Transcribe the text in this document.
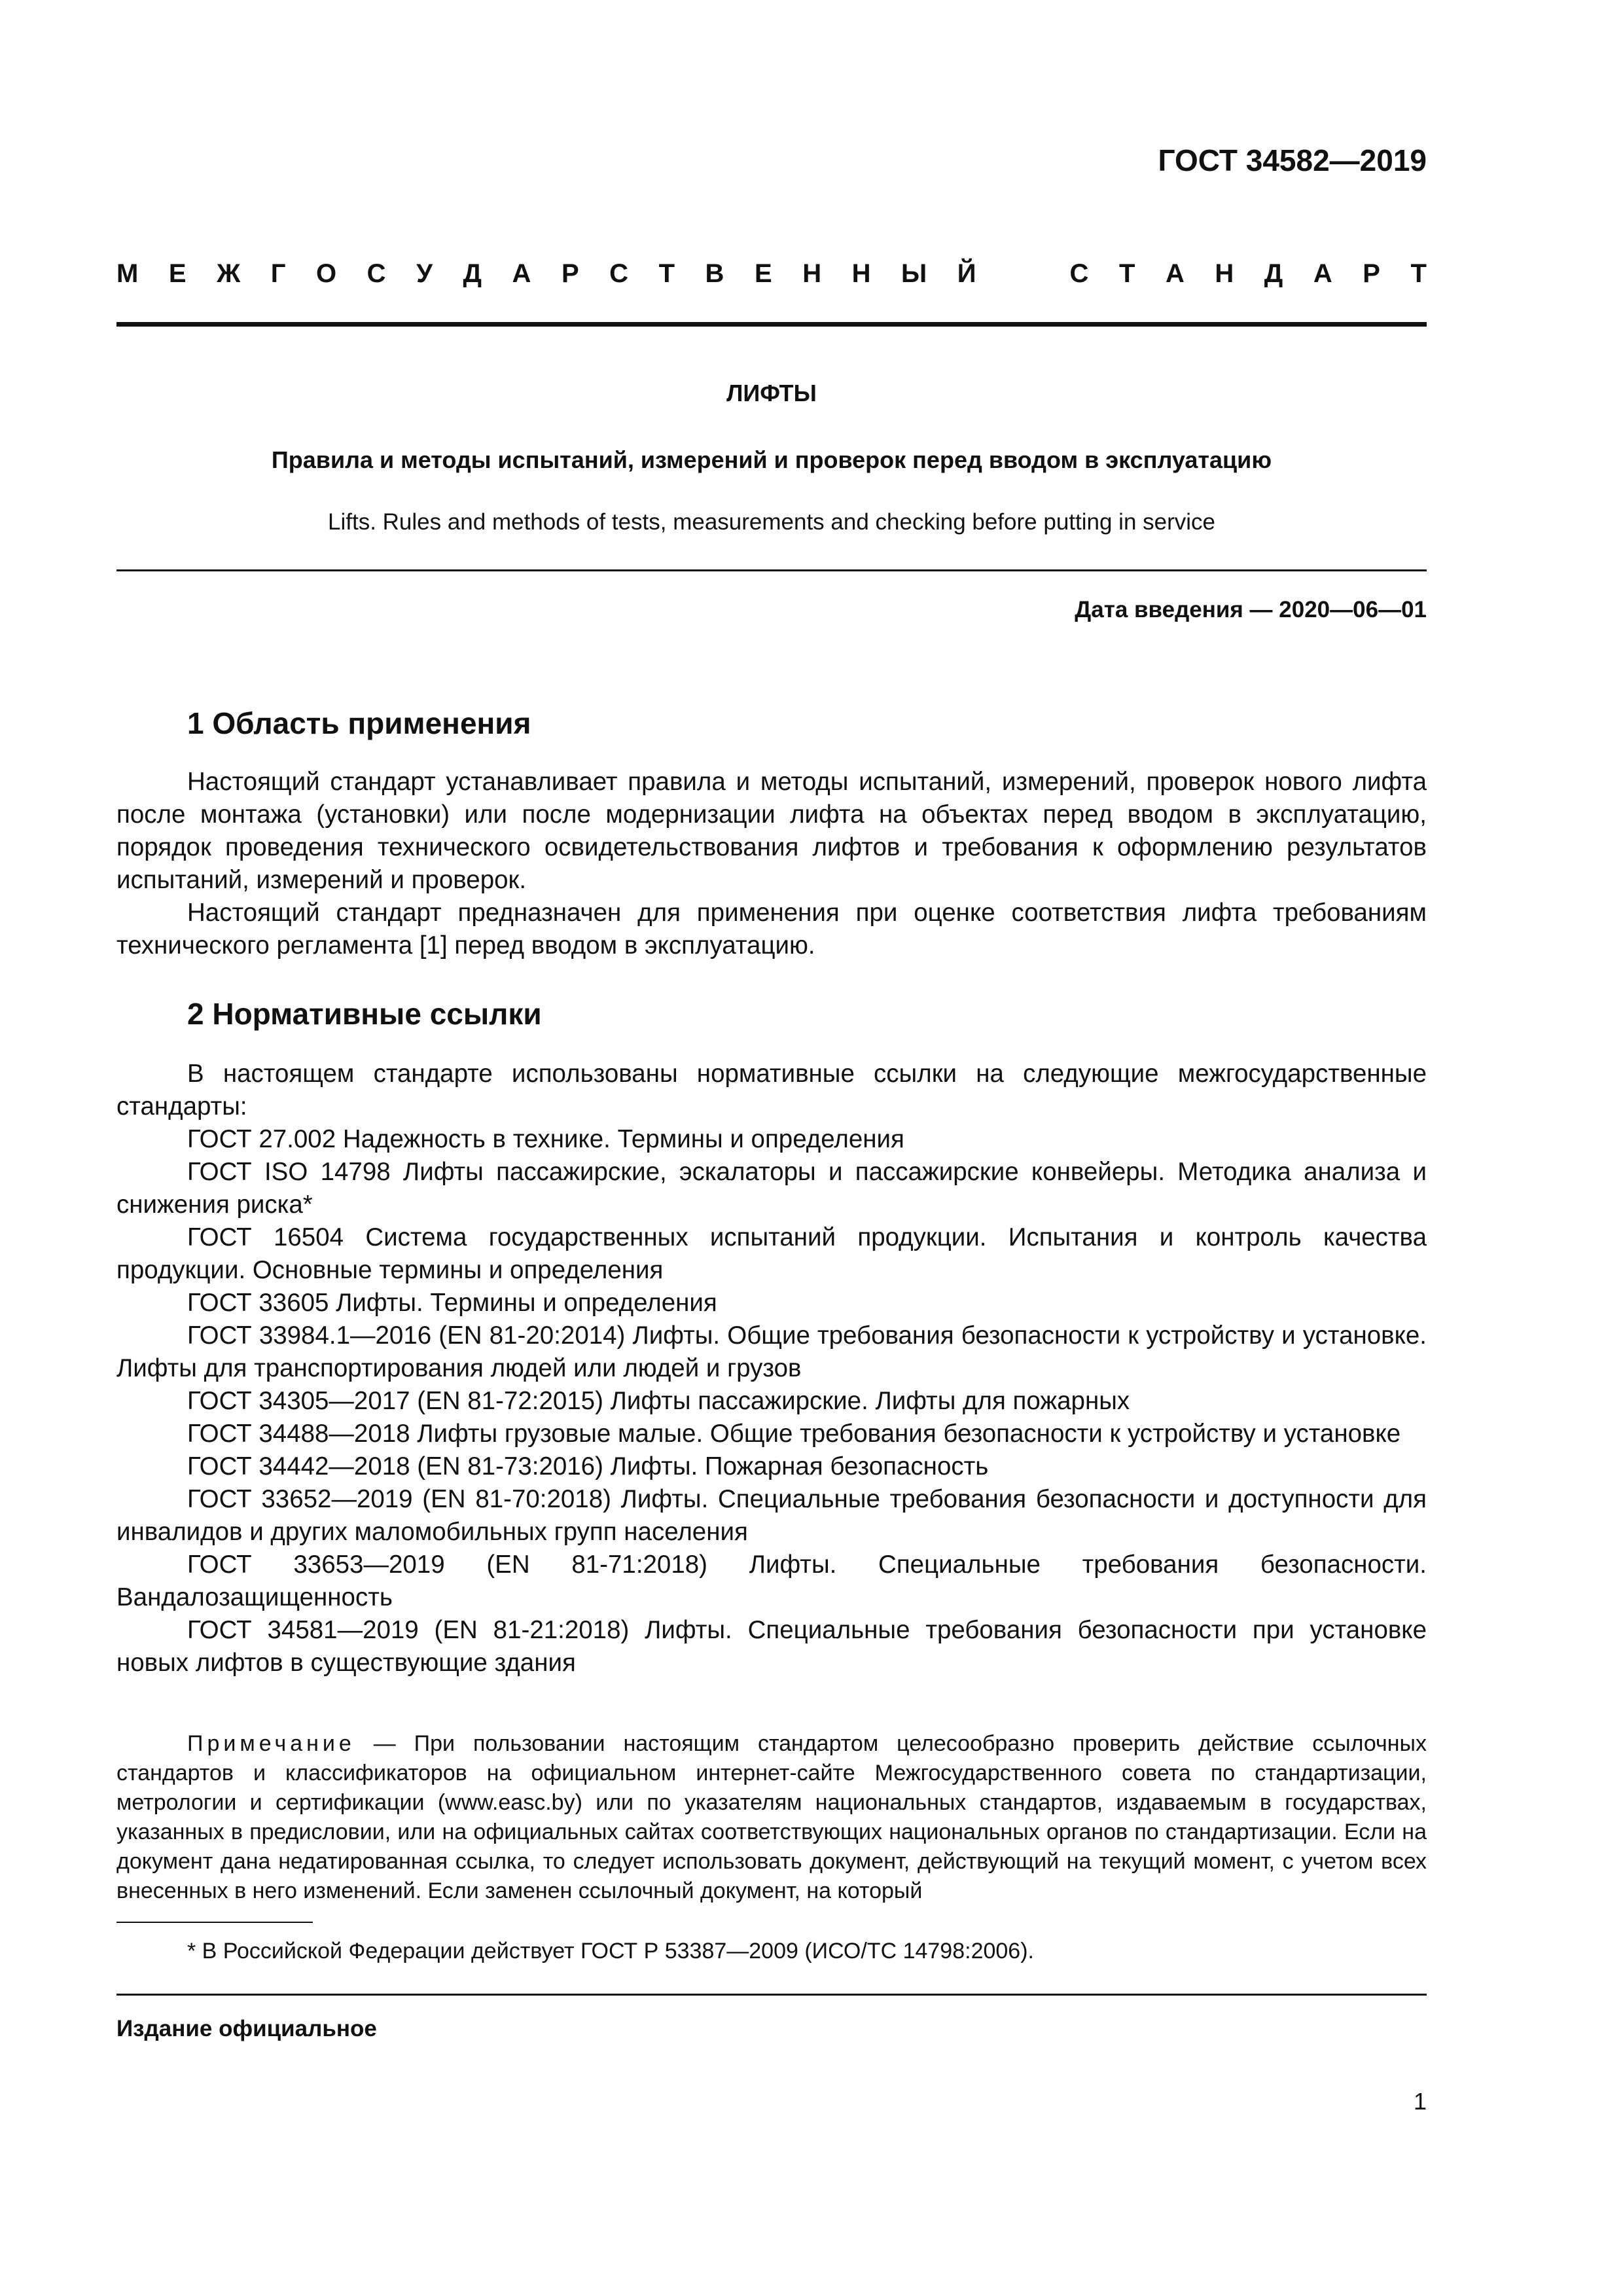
ГОСТ 34582—2019
М Е Ж Г О С У Д А Р С Т В Е Н Н Ы Й	С Т А Н Д А Р Т
ЛИФТЫ
Правила и методы испытаний, измерений и проверок перед вводом в эксплуатацию
Lifts. Rules and methods of tests, measurements and checking before putting in service
Дата введения — 2020—06—01
1 Область применения

Настоящий стандарт устанавливает правила и методы испытаний, измерений, проверок нового лифта после монтажа (установки) или после модернизации лифта на объектах перед вводом в эксплуатацию, порядок проведения технического освидетельствования лифтов и требования к оформлению результатов испытаний, измерений и проверок.

Настоящий стандарт предназначен для применения при оценке соответствия лифта требованиям технического регламента [1] перед вводом в эксплуатацию.

2 Нормативные ссылки

В настоящем стандарте использованы нормативные ссылки на следующие межгосударственные стандарты:

ГОСТ 27.002 Надежность в технике. Термины и определения

ГОСТ ISO 14798 Лифты пассажирские, эскалаторы и пассажирские конвейеры. Методика анализа и снижения риска*

ГОСТ 16504 Система государственных испытаний продукции. Испытания и контроль качества продукции. Основные термины и определения

ГОСТ 33605 Лифты. Термины и определения

ГОСТ 33984.1—2016 (EN 81-20:2014) Лифты. Общие требования безопасности к устройству и установке. Лифты для транспортирования людей или людей и грузов

ГОСТ 34305—2017 (EN 81-72:2015) Лифты пассажирские. Лифты для пожарных

ГОСТ 34488—2018 Лифты грузовые малые. Общие требования безопасности к устройству и установке

ГОСТ 34442—2018 (EN 81-73:2016) Лифты. Пожарная безопасность

ГОСТ 33652—2019 (EN 81-70:2018) Лифты. Специальные требования безопасности и доступности для инвалидов и других маломобильных групп населения

ГОСТ 33653—2019 (EN 81-71:2018) Лифты. Специальные требования безопасности. Вандалозащищенность

ГОСТ 34581—2019 (EN 81-21:2018) Лифты. Специальные требования безопасности при установке новых лифтов в существующие здания

Примечание — При пользовании настоящим стандартом целесообразно проверить действие ссылочных стандартов и классификаторов на официальном интернет-сайте Межгосударственного совета по стандартизации, метрологии и сертификации (www.easc.by) или по указателям национальных стандартов, издаваемым в государствах, указанных в предисловии, или на официальных сайтах соответствующих национальных органов по стандартизации. Если на документ дана недатированная ссылка, то следует использовать документ, действующий на текущий момент, с учетом всех внесенных в него изменений. Если заменен ссылочный документ, на который

* В Российской Федерации действует ГОСТ Р 53387—2009 (ИСО/ТС 14798:2006).
Издание официальное
1
